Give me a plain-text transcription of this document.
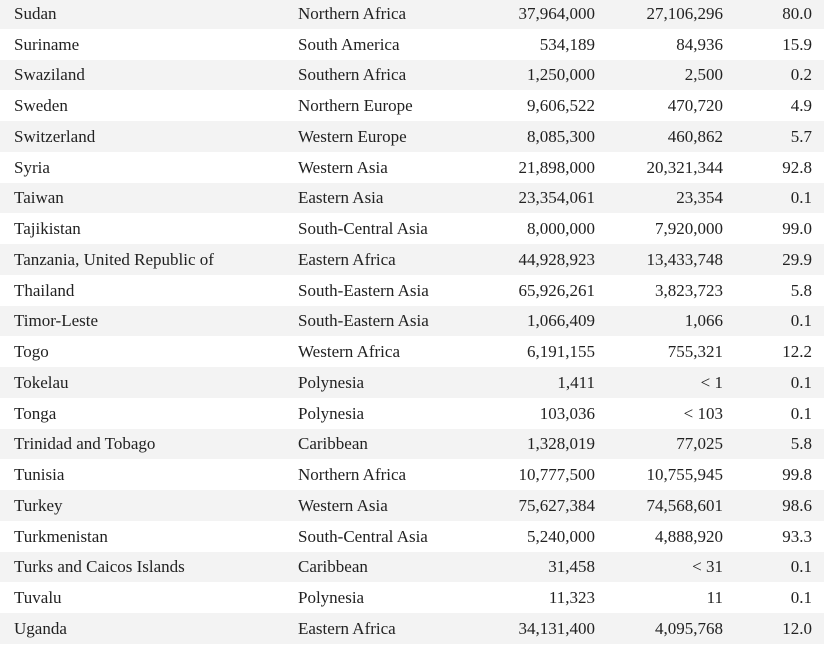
Sudan	Northern Africa	37,964,000	27,106,296	80.0
Suriname	South America	534,189	84,936	15.9
Swaziland	Southern Africa	1,250,000	2,500	0.2
Sweden	Northern Europe	9,606,522	470,720	4.9
Switzerland	Western Europe	8,085,300	460,862	5.7
Syria	Western Asia	21,898,000	20,321,344	92.8
Taiwan	Eastern Asia	23,354,061	23,354	0.1
Tajikistan	South-Central Asia	8,000,000	7,920,000	99.0
Tanzania, United Republic of	Eastern Africa	44,928,923	13,433,748	29.9
Thailand	South-Eastern Asia	65,926,261	3,823,723	5.8
Timor-Leste	South-Eastern Asia	1,066,409	1,066	0.1
Togo	Western Africa	6,191,155	755,321	12.2
Tokelau	Polynesia	1,411	< 1	0.1
Tonga	Polynesia	103,036	< 103	0.1
Trinidad and Tobago	Caribbean	1,328,019	77,025	5.8
Tunisia	Northern Africa	10,777,500	10,755,945	99.8
Turkey	Western Asia	75,627,384	74,568,601	98.6
Turkmenistan	South-Central Asia	5,240,000	4,888,920	93.3
Turks and Caicos Islands	Caribbean	31,458	< 31	0.1
Tuvalu	Polynesia	11,323	11	0.1
Uganda	Eastern Africa	34,131,400	4,095,768	12.0
